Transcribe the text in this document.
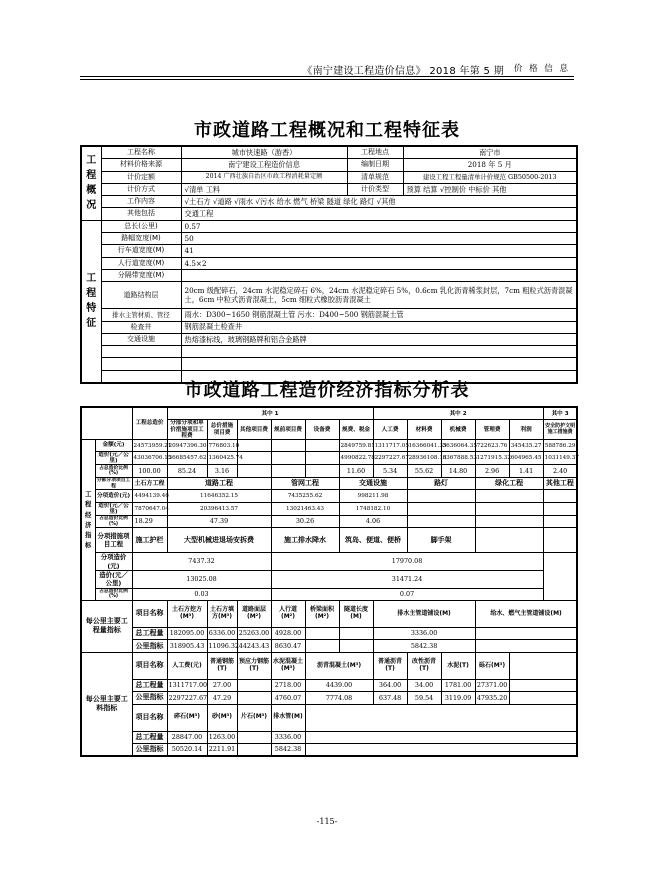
《南宁建设工程造价信息》 2018 年第 5 期 价 格 信 息
市政道路工程概况和工程特征表
工程概况	工程名称	城市快速路（游香）	工程地点	南宁市
	材料价格来源	南宁建设工程造价信息	编制日期	2018 年 5 月
	计价定额	2014 广西壮族自治区市政工程消耗量定额	清单规范	建设工程工程量清单计价规范 GB50500-2013
	计价方式	√清单 工料	计价类型	预算 结算 √控制价 中标价 其他
	工作内容	√土石方 √道路 √雨水 √污水 给水 燃气 桥梁 隧道 绿化 路灯 √其他		
	其他包括	交通工程		
工程特征	总长(公里)	0.57		
	路幅宽度(M)	50		
	行车道宽度(M)	41		
	人行道宽度(M)	4.5×2		
	分隔带宽度(M)			
	道路结构层	20cm 级配碎石，24cm 水泥稳定碎石 6%，24cm 水泥稳定碎石 5%，0.6cm 乳化沥青稀浆封层，7cm 粗粒式沥青混凝土，6cm 中粒式沥青混凝土，5cm 细粒式橡胶沥青混凝土		
	排水主管材质、管径	雨水：D300~1650 钢筋混凝土管 污水：D400~500 钢筋混凝土管		
	检查井	钢筋混凝土检查井		
	交通设施	热熔漆标线，玻璃钢路牌和铝合金路牌		

市政道路工程造价经济指标分析表
		工程总造价	其中 1						其中 2					其中 3
			分部分项和单价措施项目工程费	总价措施项目费	其他项目费	规前项目费	设备费	规费、税金	人工费	材料费	机械费	管理费	利润	安全防护文明施工措施费

工程经济指标	金额(元)	24573959.21	20947396.30	776803.10				2849759.81	1311717.05	16366041.35	3636064.35	722623.76	345435.27	588786.29
	造价(元／公里)	43036706.15	36685457.62	1360425.74				4990822.78	2297227.67	28936108.13	6367888.53	1271915.32	604965.45	1031149.37
	占总造价比例(%)	100.00	85.24	3.16				11.60	5.34	55.62	14.80	2.96	1.41	2.40
	分部分项项目工程	土石方工程	道路工程			管网工程		交通设施		路灯		绿化工程		其他工程
	分项造价(元)	4494139.46	11646352.15			7435255.62		998211.98						
	造价(元／公里)	7870647.04	20396413.57			13021463.43		1748182.10						
	占总造价比例(%)	18.29	47.39			30.26		4.06						
	分项措施项目工程	施工护栏	大型机械进退场安拆费			施工排水降水		筑岛、便道、便桥		脚手架				
	分项造价(元)	7437.32				17970.08								
	造价(元／公里)	13025.08				31471.24								
	占总造价比例(%)	0.03				0.07								

每公里主要工程量指标		项目名称	土石方挖方(M³)	土石方填方(M³)	道路面层(M²)	人行道(M²)	桥梁面积(M²)	隧道长度(M)	排水主管道铺设(M)			给水、燃气主管道铺设(M)		
		总工程量	182095.00	6336.00	25263.00	4928.00			3336.00					
		公里指标	318905.43	11096.32	44243.43	8630.47			5842.38					
每公里主要工料指标		项目名称	人工费(元)	普通钢筋(T)	预应力钢筋(T)	水泥混凝土(M³)	沥青混凝土(M³)		普通沥青(T)	改性沥青(T)	水泥(T)	砾石(M³)		
		总工程量	1311717.00	27.00		2718.00	4439.00		364.00	34.00	1781.00	27371.00		
		公里指标	2297227.67	47.29		4760.07	7774.08		637.48	59.54	3119.09	47935.20		
		项目名称	碎石(M³)	砂(M³)	片石(M³)	排水管(M)								
		总工程量	28847.00	1263.00		3336.00								
		公里指标	50520.14	2211.91		5842.38								
-115-
